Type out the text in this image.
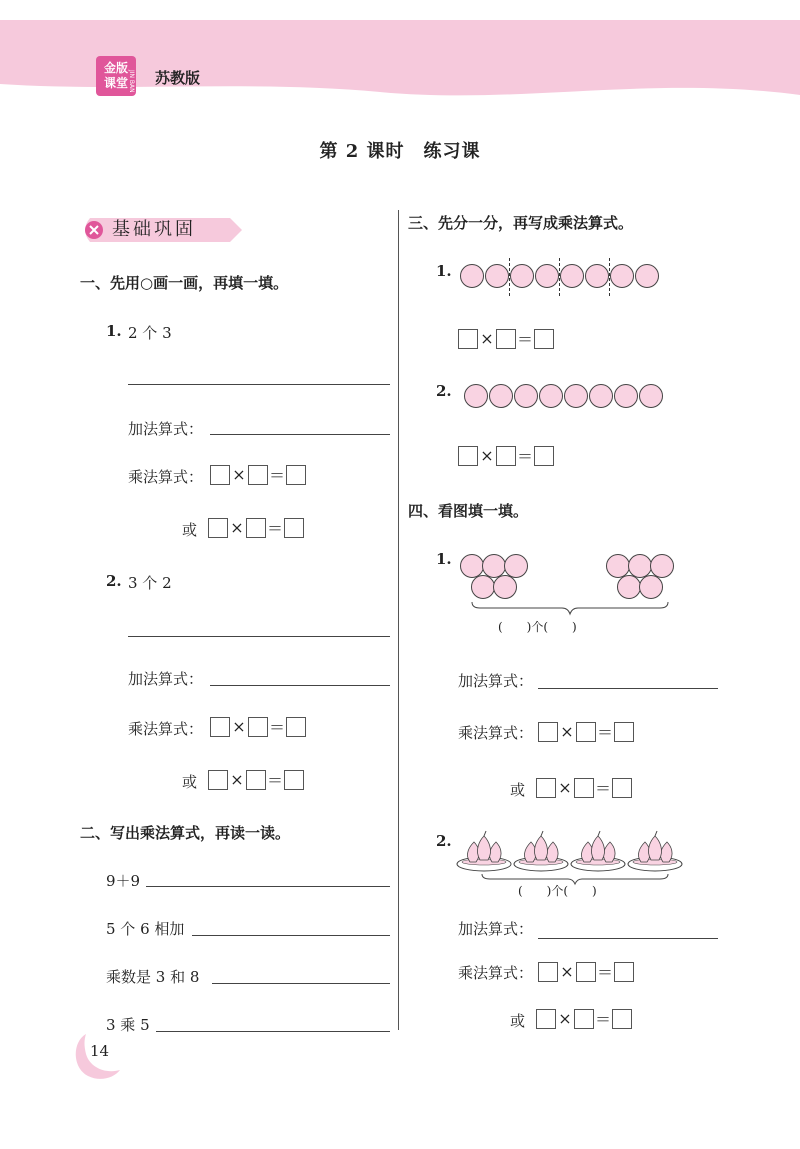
金版
课堂 JIN BAN 苏教版
第 2 课时　练习课
基础巩固
一、先用○画一画，再填一填。
1. 2 个 3
加法算式：
乘法算式：	× ＝
或	× ＝
2. 3 个 2
加法算式：
乘法算式：	× ＝
或	× ＝
二、写出乘法算式，再读一读。
9＋9
5 个 6 相加
乘数是 3 和 8
3 乘 5
三、先分一分，再写成乘法算式。
1.
× ＝
2.
× ＝
四、看图填一填。
1.
(　　)个(　　)
加法算式：
乘法算式：	× ＝
或	× ＝
2.
(　　)个(　　)
加法算式：
乘法算式：	× ＝
或	× ＝
14
